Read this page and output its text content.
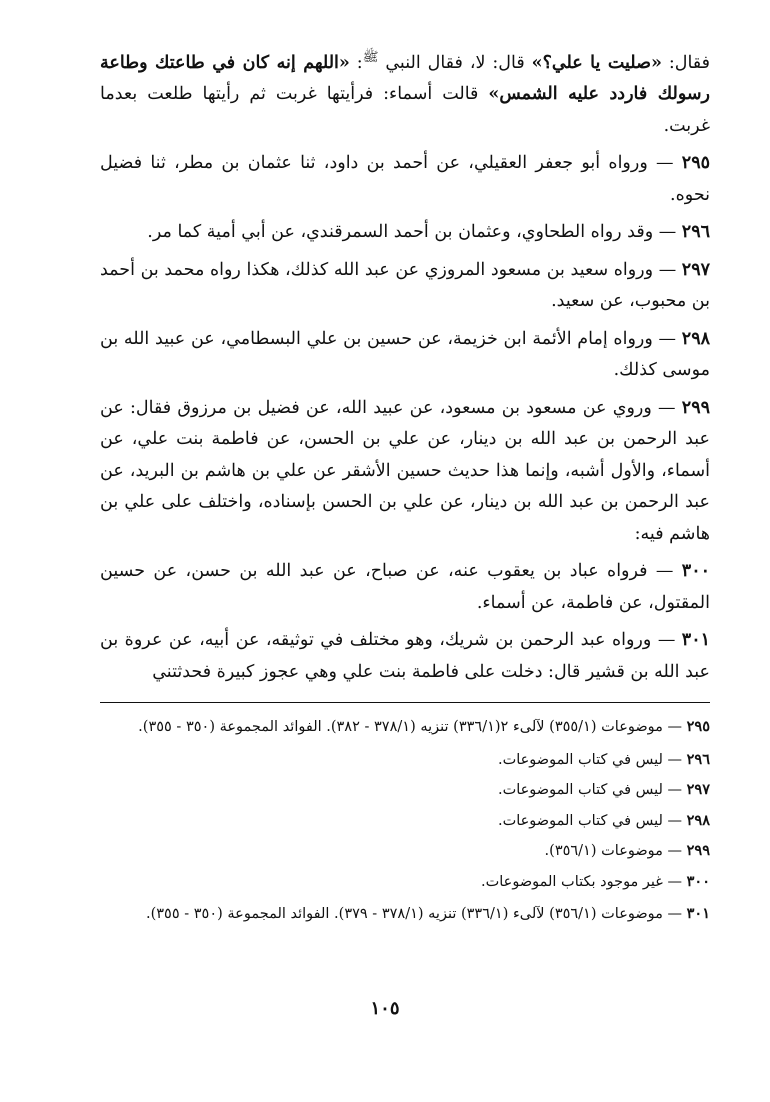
فقال: «صليت يا علي؟» قال: لا، فقال النبي $^ﷺ$: «اللهم إنه كان في طاعتك وطاعة رسولك فاردد عليه الشمس» قالت أسماء: فرأيتها غربت ثم رأيتها طلعت بعدما غربت.

٢٩٥ — ورواه أبو جعفر العقيلي، عن أحمد بن داود، ثنا عثمان بن مطر، ثنا فضيل نحوه.

٢٩٦ — وقد رواه الطحاوي، وعثمان بن أحمد السمرقندي، عن أبي أمية كما مر.

٢٩٧ — ورواه سعيد بن مسعود المروزي عن عبد الله كذلك، هكذا رواه محمد بن أحمد بن محبوب، عن سعيد.

٢٩٨ — ورواه إمام الأئمة ابن خزيمة، عن حسين بن علي البسطامي، عن عبيد الله بن موسى كذلك.

٢٩٩ — وروي عن مسعود بن مسعود، عن عبيد الله، عن فضيل بن مرزوق فقال: عن عبد الرحمن بن عبد الله بن دينار، عن علي بن الحسن، عن فاطمة بنت علي، عن أسماء، والأول أشبه، وإنما هذا حديث حسين الأشقر عن علي بن هاشم بن البريد، عن عبد الرحمن بن عبد الله بن دينار، عن علي بن الحسن بإسناده، واختلف على علي بن هاشم فيه:

٣٠٠ — فرواه عباد بن يعقوب عنه، عن صباح، عن عبد الله بن حسن، عن حسين المقتول، عن فاطمة، عن أسماء.

٣٠١ — ورواه عبد الرحمن بن شريك، وهو مختلف في توثيقه، عن أبيه، عن عروة بن عبد الله بن قشير قال: دخلت على فاطمة بنت علي وهي عجوز كبيرة فحدثتني

٢٩٥ — موضوعات (٣٥٥/١) لآلىء ٢(٣٣٦/١) تنزيه (٣٧٨/١ - ٣٨٢). الفوائد المجموعة (٣٥٠ - ٣٥٥).

٢٩٦ — ليس في كتاب الموضوعات.

٢٩٧ — ليس في كتاب الموضوعات.

٢٩٨ — ليس في كتاب الموضوعات.

٢٩٩ — موضوعات (٣٥٦/١).

٣٠٠ — غير موجود بكتاب الموضوعات.

٣٠١ — موضوعات (٣٥٦/١) لآلىء (٣٣٦/١) تنزيه (٣٧٨/١ - ٣٧٩). الفوائد المجموعة (٣٥٠ - ٣٥٥).

١٠٥
